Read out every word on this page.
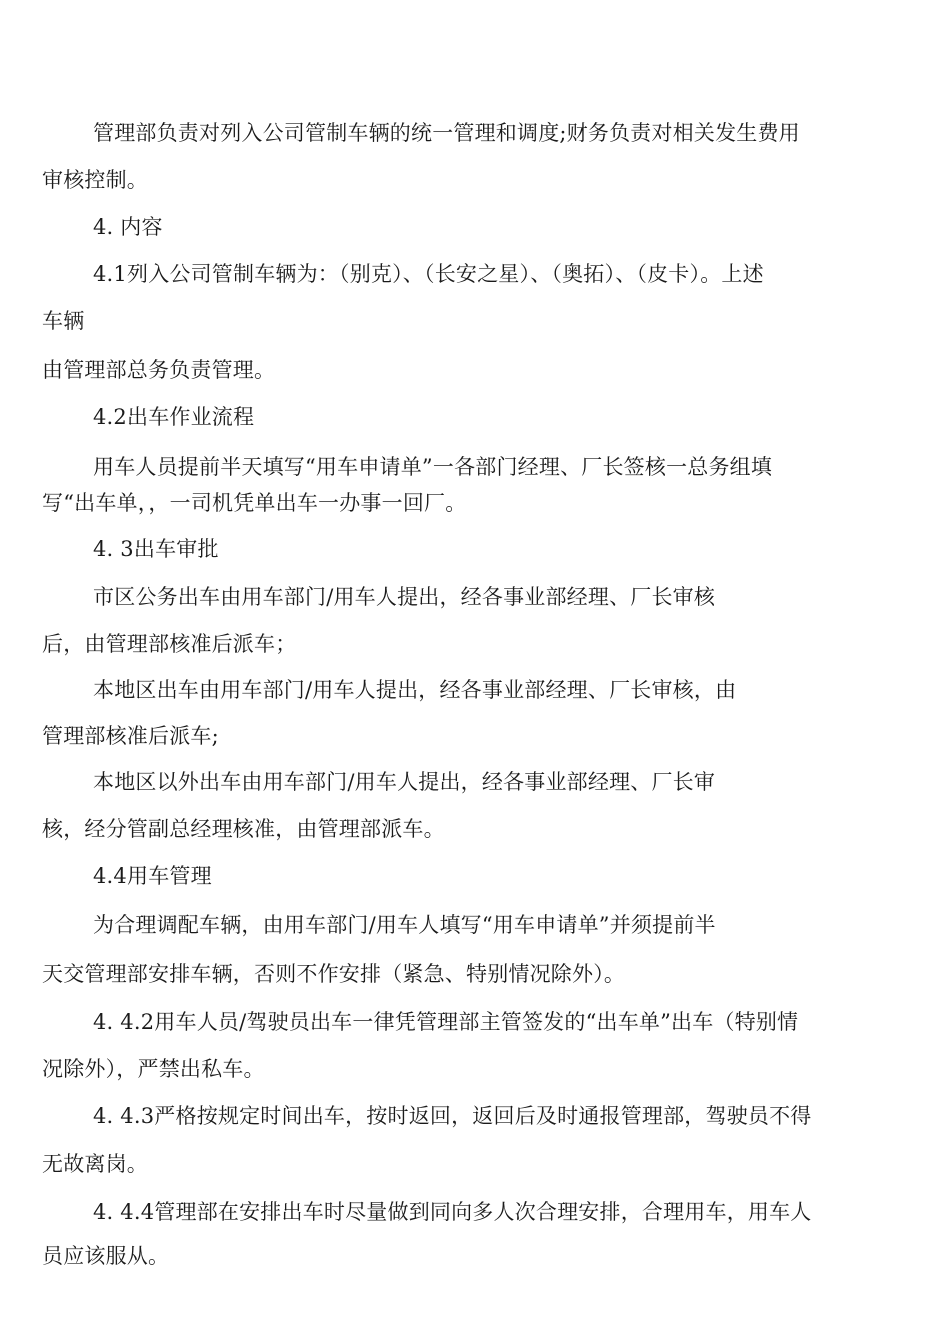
管理部负责对列入公司管制车辆的统一管理和调度;财务负责对相关发生费用
审核控制。
4. 内容
4.1列入公司管制车辆为：（别克）、（长安之星）、（奥拓）、（皮卡）。上述
车辆
由管理部总务负责管理。
4.2出车作业流程
用车人员提前半天填写“用车申请单”一各部门经理、厂长签核一总务组填
写“出车单，，一司机凭单出车一办事一回厂。
4. 3出车审批
市区公务出车由用车部门/用车人提出，经各事业部经理、厂长审核
后，由管理部核准后派车；
本地区出车由用车部门/用车人提出，经各事业部经理、厂长审核，由
管理部核准后派车;
本地区以外出车由用车部门/用车人提出，经各事业部经理、厂长审
核，经分管副总经理核准，由管理部派车。
4.4用车管理
为合理调配车辆，由用车部门/用车人填写“用车申请单”并须提前半
天交管理部安排车辆，否则不作安排（紧急、特别情况除外）。
4. 4.2用车人员/驾驶员出车一律凭管理部主管签发的“出车单”出车（特别情
况除外），严禁出私车。
4. 4.3严格按规定时间出车，按时返回，返回后及时通报管理部，驾驶员不得
无故离岗。
4. 4.4管理部在安排出车时尽量做到同向多人次合理安排，合理用车，用车人
员应该服从。
